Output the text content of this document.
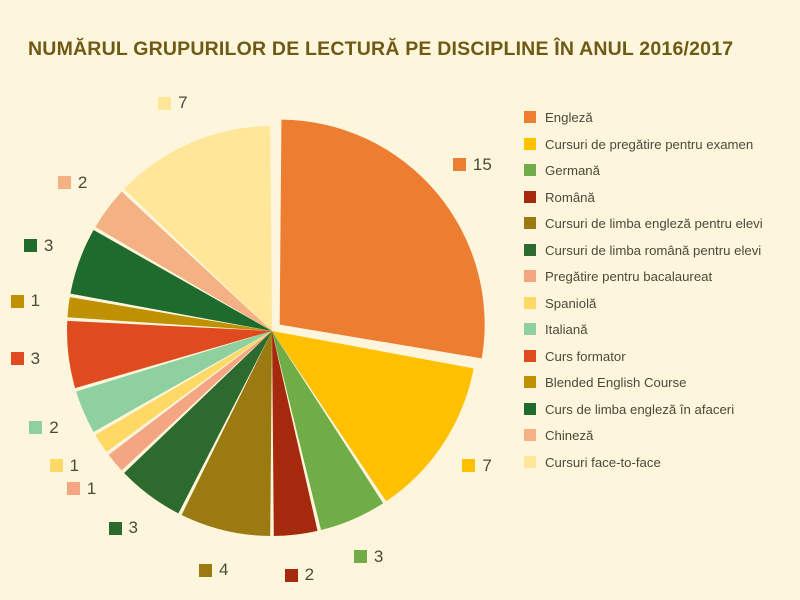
NUMĂRUL GRUPURILOR DE LECTURĂ PE DISCIPLINE ÎN ANUL 2016/2017
15
7
3
2
4
3
1
1
2
3
1
3
2
7
Engleză
Cursuri de pregătire pentru examen
Germană
Română
Cursuri de limba engleză pentru elevi
Cursuri de limba română pentru elevi
Pregătire pentru bacalaureat
Spaniolă
Italiană
Curs formator
Blended English Course
Curs de limba engleză în afaceri
Chineză
Cursuri face-to-face
